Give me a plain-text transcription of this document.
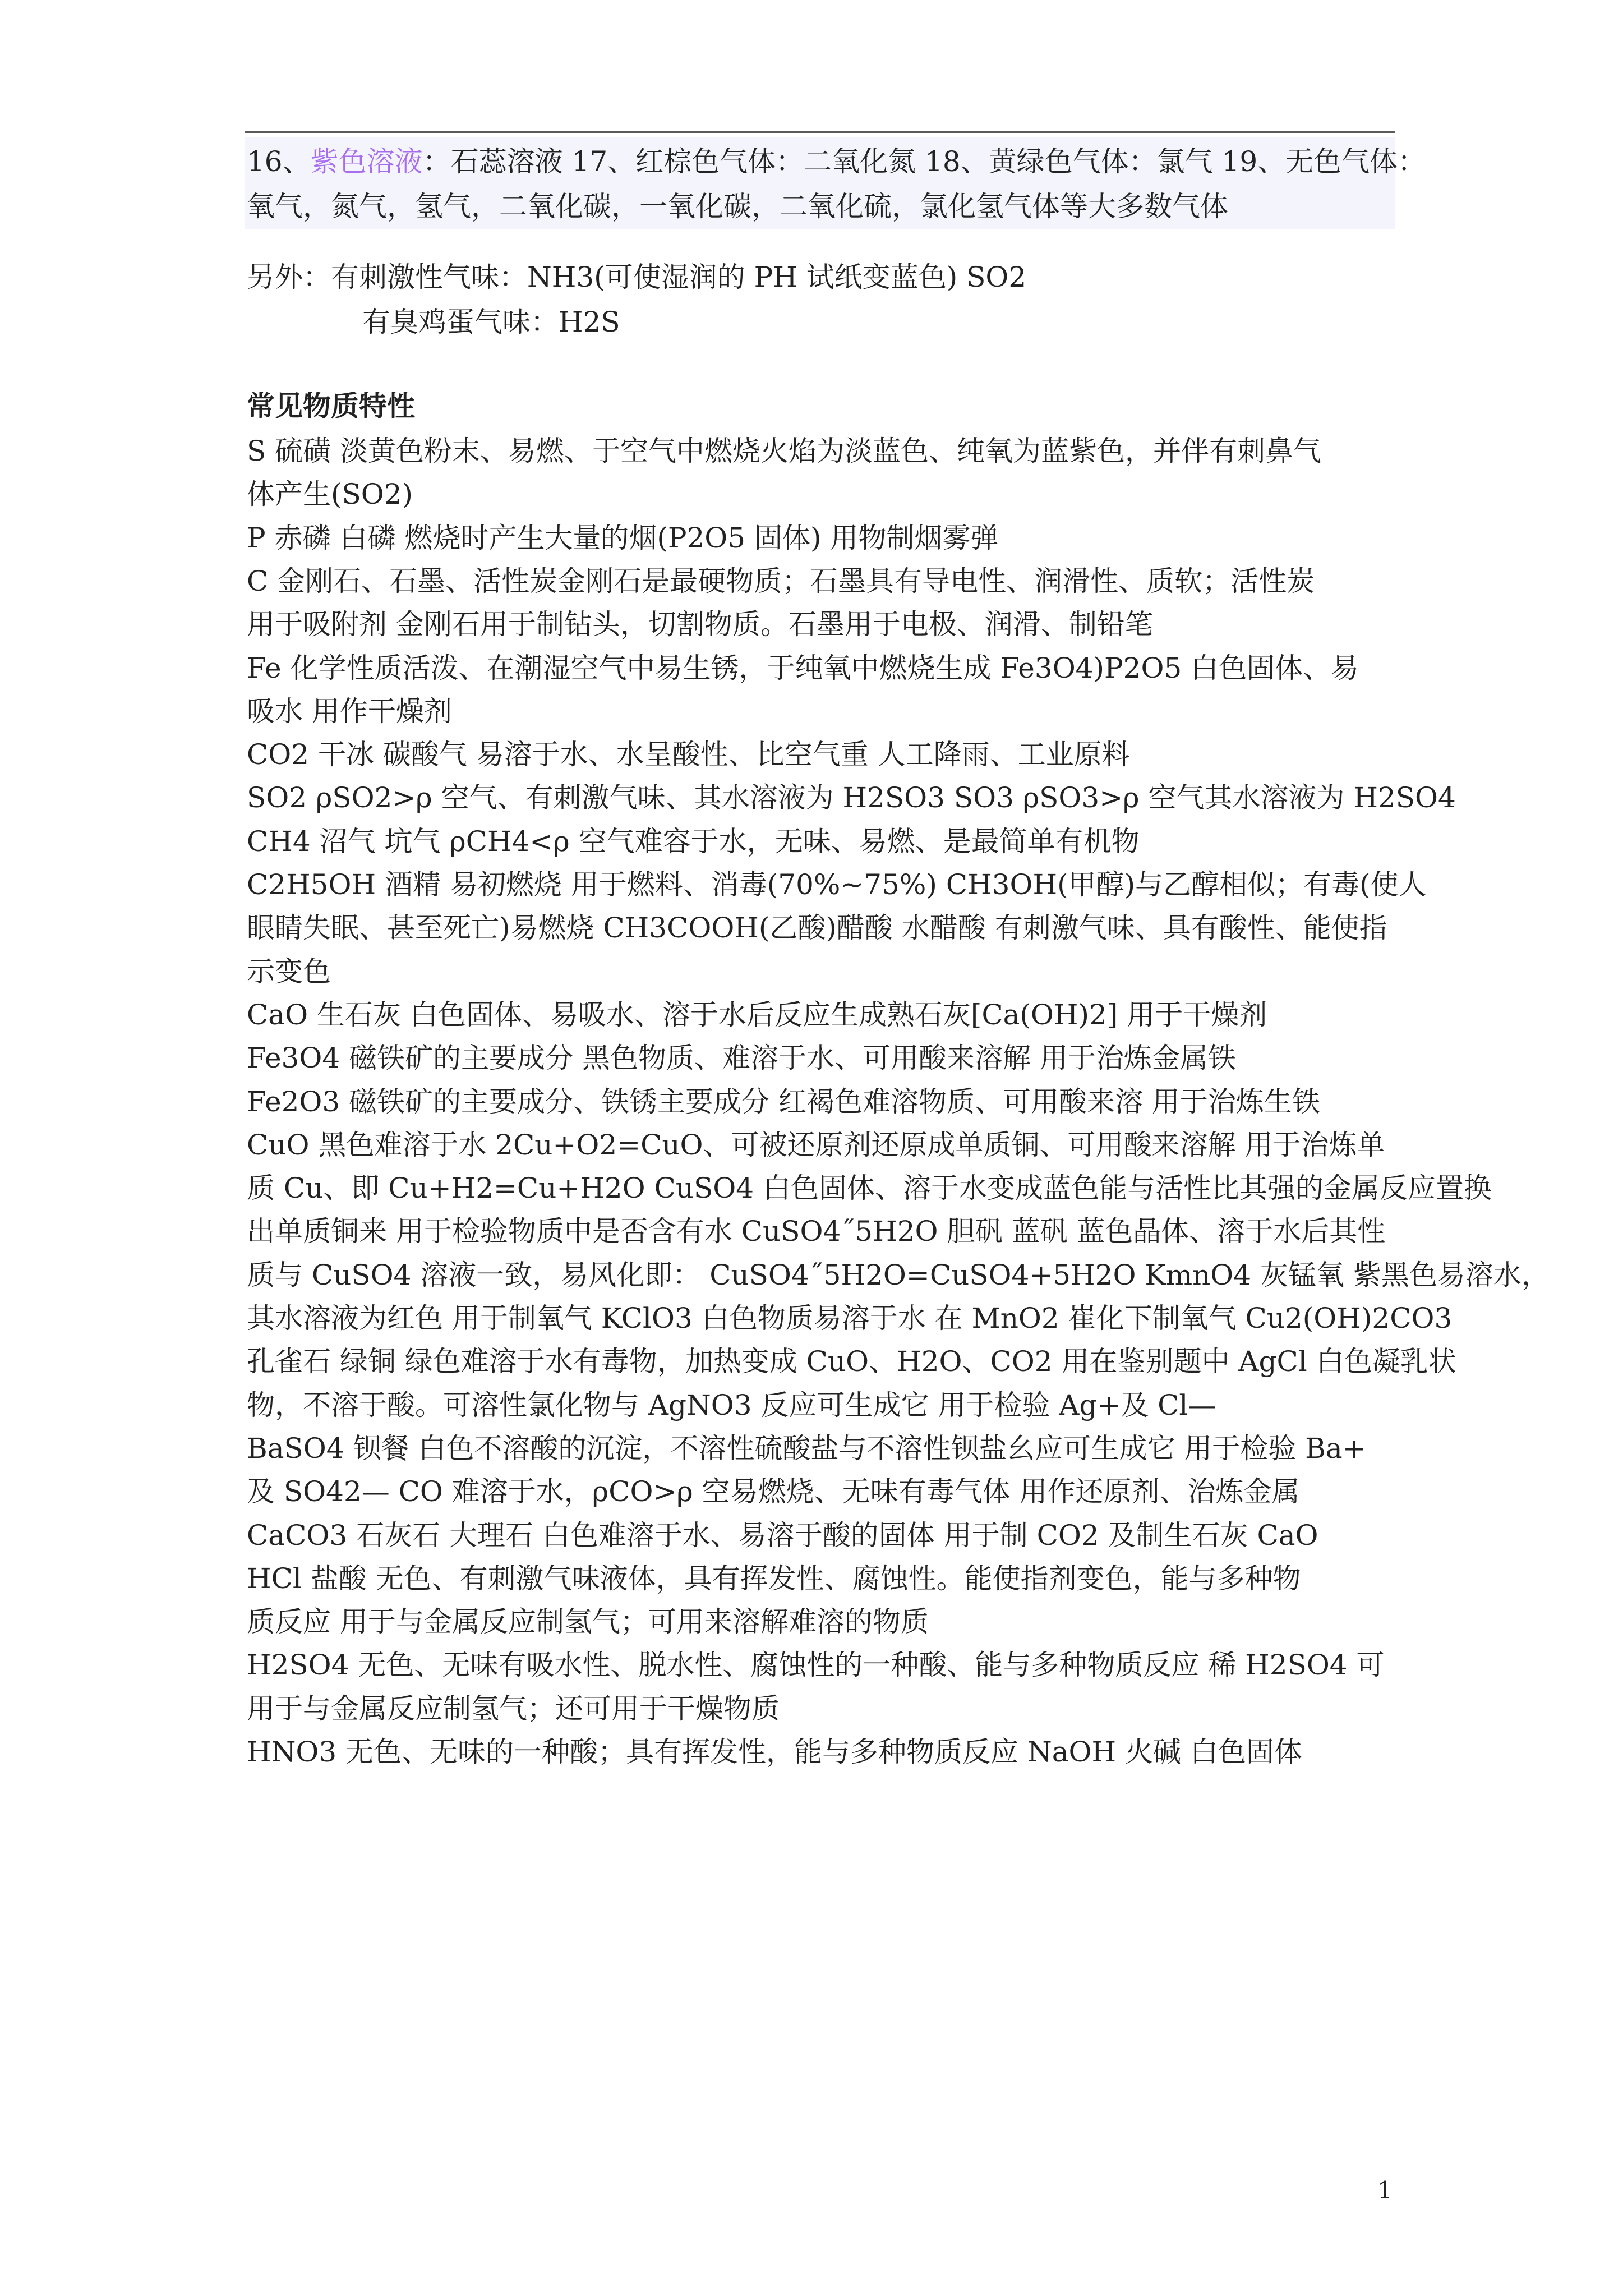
16、紫色溶液：石蕊溶液 17、红棕色气体：二氧化氮 18、黄绿色气体：氯气 19、无色气体：
氧气，氮气，氢气，二氧化碳，一氧化碳，二氧化硫，氯化氢气体等大多数气体
另外：有刺激性气味：NH3(可使湿润的 PH 试纸变蓝色) SO2
有臭鸡蛋气味：H2S
常见物质特性
S 硫磺 淡黄色粉末、易燃、于空气中燃烧火焰为淡蓝色、纯氧为蓝紫色，并伴有刺鼻气
体产生(SO2)
P 赤磷 白磷 燃烧时产生大量的烟(P2O5 固体) 用物制烟雾弹
C 金刚石、石墨、活性炭金刚石是最硬物质；石墨具有导电性、润滑性、质软；活性炭
用于吸附剂 金刚石用于制钻头，切割物质。石墨用于电极、润滑、制铅笔
Fe 化学性质活泼、在潮湿空气中易生锈，于纯氧中燃烧生成 Fe3O4)P2O5 白色固体、易
吸水 用作干燥剂
CO2 干冰 碳酸气 易溶于水、水呈酸性、比空气重 人工降雨、工业原料
SO2 ρSO2>ρ 空气、有刺激气味、其水溶液为 H2SO3 SO3 ρSO3>ρ 空气其水溶液为 H2SO4
CH4 沼气 坑气 ρCH4<ρ 空气难容于水，无味、易燃、是最简单有机物
C2H5OH 酒精 易初燃烧 用于燃料、消毒(70%~75%) CH3OH(甲醇)与乙醇相似；有毒(使人
眼睛失眠、甚至死亡)易燃烧 CH3COOH(乙酸)醋酸 水醋酸 有刺激气味、具有酸性、能使指
示变色
CaO 生石灰 白色固体、易吸水、溶于水后反应生成熟石灰[Ca(OH)2] 用于干燥剂
Fe3O4 磁铁矿的主要成分 黑色物质、难溶于水、可用酸来溶解 用于治炼金属铁
Fe2O3 磁铁矿的主要成分、铁锈主要成分 红褐色难溶物质、可用酸来溶 用于治炼生铁
CuO 黑色难溶于水 2Cu+O2=CuO、可被还原剂还原成单质铜、可用酸来溶解 用于治炼单
质 Cu、即 Cu+H2=Cu+H2O CuSO4 白色固体、溶于水变成蓝色能与活性比其强的金属反应置换
出单质铜来 用于检验物质中是否含有水 CuSO4˝5H2O 胆矾 蓝矾 蓝色晶体、溶于水后其性
质与 CuSO4 溶液一致，易风化即： CuSO4˝5H2O=CuSO4+5H2O KmnO4 灰锰氧 紫黑色易溶水，
其水溶液为红色 用于制氧气 KClO3 白色物质易溶于水 在 MnO2 崔化下制氧气 Cu2(OH)2CO3
孔雀石 绿铜 绿色难溶于水有毒物，加热变成 CuO、H2O、CO2 用在鉴别题中 AgCl 白色凝乳状
物，不溶于酸。可溶性氯化物与 AgNO3 反应可生成它 用于检验 Ag+及 Cl—
BaSO4 钡餐 白色不溶酸的沉淀，不溶性硫酸盐与不溶性钡盐幺应可生成它 用于检验 Ba+
及 SO42— CO 难溶于水，ρCO>ρ 空易燃烧、无味有毒气体 用作还原剂、治炼金属
CaCO3 石灰石 大理石 白色难溶于水、易溶于酸的固体 用于制 CO2 及制生石灰 CaO
HCl 盐酸 无色、有刺激气味液体，具有挥发性、腐蚀性。能使指剂变色，能与多种物
质反应 用于与金属反应制氢气；可用来溶解难溶的物质
H2SO4 无色、无味有吸水性、脱水性、腐蚀性的一种酸、能与多种物质反应 稀 H2SO4 可
用于与金属反应制氢气；还可用于干燥物质
HNO3 无色、无味的一种酸；具有挥发性，能与多种物质反应 NaOH 火碱 白色固体
1
